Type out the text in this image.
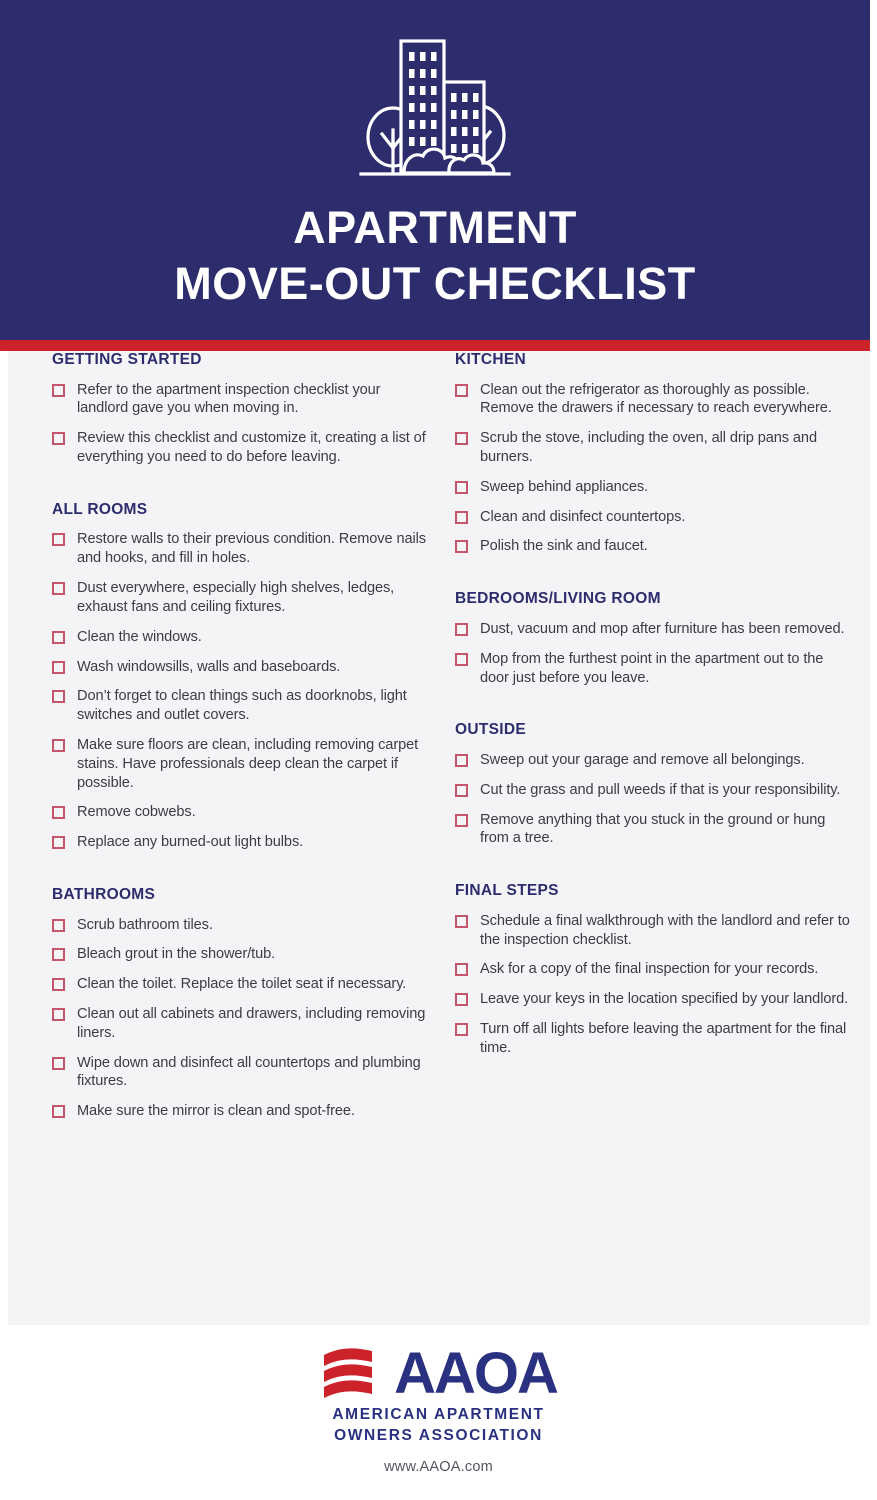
APARTMENT
MOVE-OUT CHECKLIST
GETTING STARTED
Refer to the apartment inspection checklist your landlord gave you when moving in.
Review this checklist and customize it, creating a list of everything you need to do before leaving.
ALL ROOMS
Restore walls to their previous condition. Remove nails and hooks, and fill in holes.
Dust everywhere, especially high shelves, ledges, exhaust fans and ceiling fixtures.
Clean the windows.
Wash windowsills, walls and baseboards.
Don’t forget to clean things such as doorknobs, light switches and outlet covers.
Make sure floors are clean, including removing carpet stains. Have professionals deep clean the carpet if possible.
Remove cobwebs.
Replace any burned-out light bulbs.
BATHROOMS
Scrub bathroom tiles.
Bleach grout in the shower/tub.
Clean the toilet. Replace the toilet seat if necessary.
Clean out all cabinets and drawers, including removing liners.
Wipe down and disinfect all countertops and plumbing fixtures.
Make sure the mirror is clean and spot-free.
KITCHEN
Clean out the refrigerator as thoroughly as possible. Remove the drawers if necessary to reach everywhere.
Scrub the stove, including the oven, all drip pans and burners.
Sweep behind appliances.
Clean and disinfect countertops.
Polish the sink and faucet.
BEDROOMS/LIVING ROOM
Dust, vacuum and mop after furniture has been removed.
Mop from the furthest point in the apartment out to the door just before you leave.
OUTSIDE
Sweep out your garage and remove all belongings.
Cut the grass and pull weeds if that is your responsibility.
Remove anything that you stuck in the ground or hung from a tree.
FINAL STEPS
Schedule a final walkthrough with the landlord and refer to the inspection checklist.
Ask for a copy of the final inspection for your records.
Leave your keys in the location specified by your landlord.
Turn off all lights before leaving the apartment for the final time.
AAOA
AMERICAN APARTMENT
OWNERS ASSOCIATION
www.AAOA.com
